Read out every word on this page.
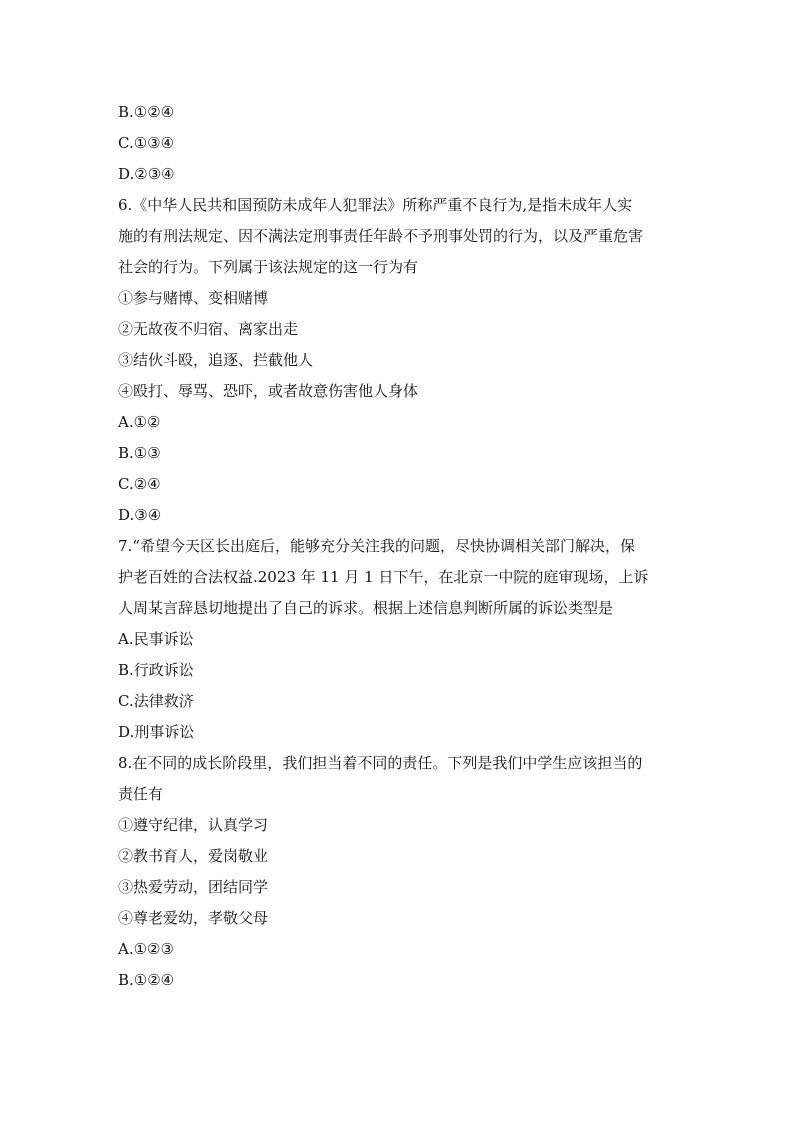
B.①②④

C.①③④

D.②③④

6.《中华人民共和国预防未成年人犯罪法》所称严重不良行为,是指未成年人实
施的有刑法规定、因不满法定刑事责任年龄不予刑事处罚的行为，以及严重危害
社会的行为。下列属于该法规定的这一行为有

①参与赌博、变相赌博

②无故夜不归宿、离家出走

③结伙斗殴，追逐、拦截他人

④殴打、辱骂、恐吓，或者故意伤害他人身体

A.①②

B.①③

C.②④

D.③④

7.“希望今天区长出庭后，能够充分关注我的问题，尽快协调相关部门解决，保
护老百姓的合法权益.2023 年 11 月 1 日下午，在北京一中院的庭审现场，上诉
人周某言辞恳切地提出了自己的诉求。根据上述信息判断所属的诉讼类型是

A.民事诉讼

B.行政诉讼

C.法律救济

D.刑事诉讼

8.在不同的成长阶段里，我们担当着不同的责任。下列是我们中学生应该担当的
责任有

①遵守纪律，认真学习

②教书育人，爱岗敬业

③热爱劳动，团结同学

④尊老爱幼，孝敬父母

A.①②③

B.①②④
